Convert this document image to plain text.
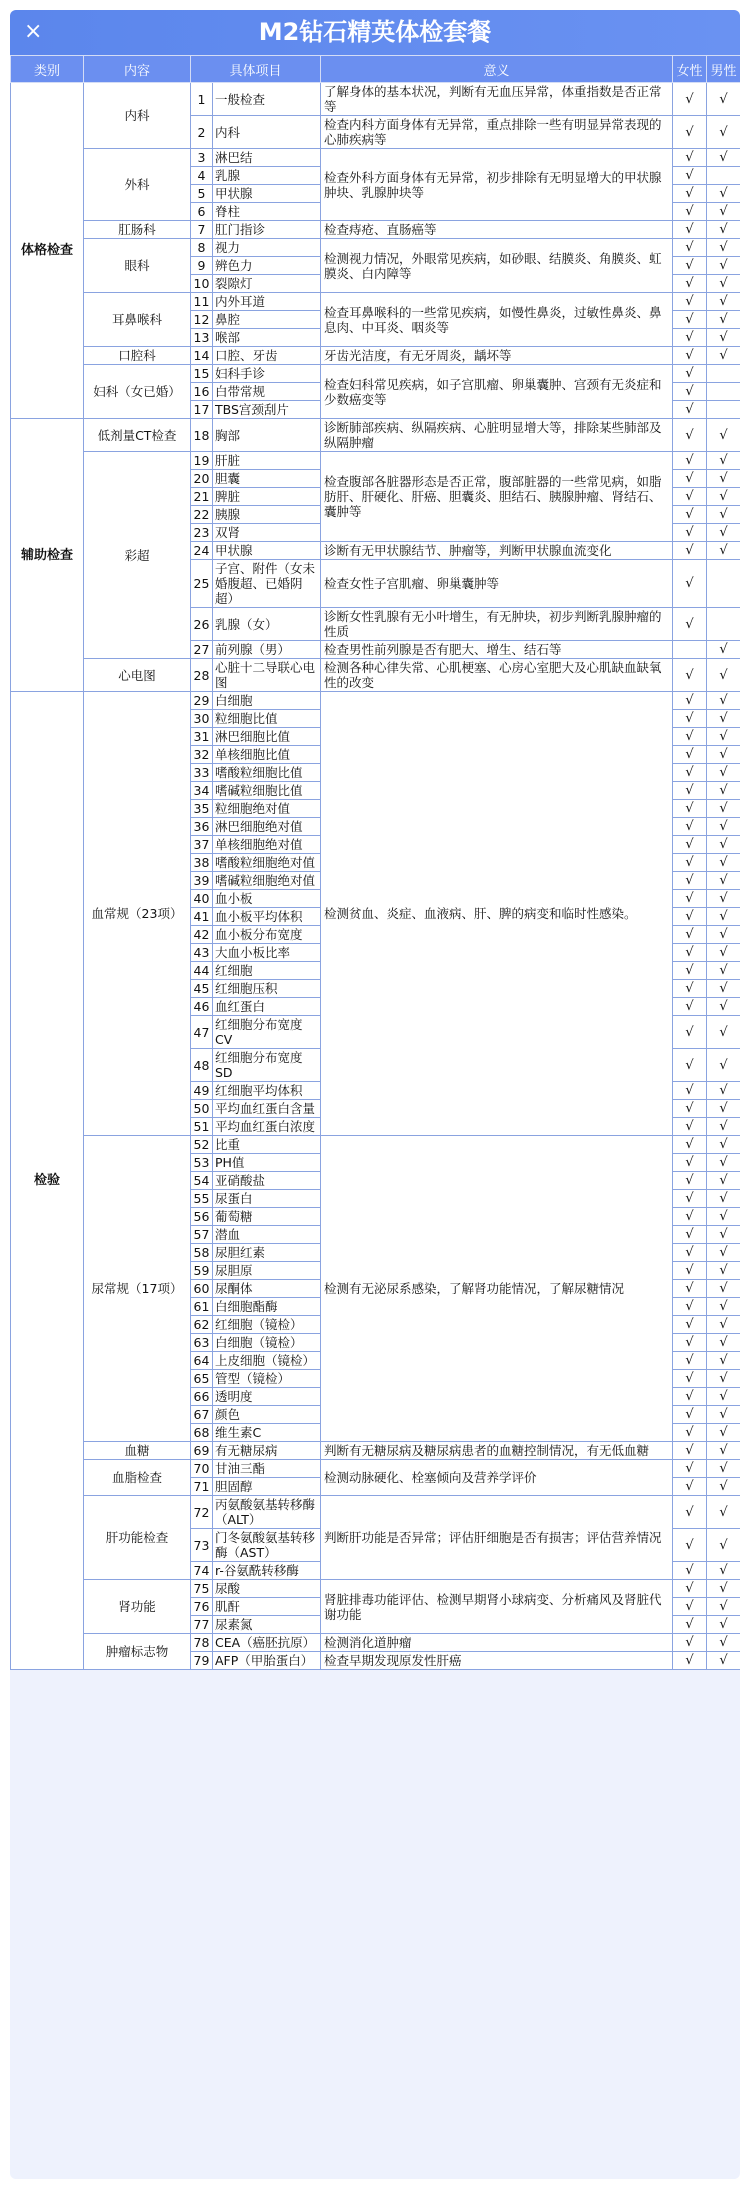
M2钻石精英体检套餐
×
类别	内容	具体项目		意义	女性	男性
体格检查	内科	1	一般检查	了解身体的基本状况，判断有无血压异常，体重指数是否正常等	√	√
		2	内科	检查内科方面身体有无异常，重点排除一些有明显异常表现的心肺疾病等	√	√
	外科	3	淋巴结	检查外科方面身体有无异常，初步排除有无明显增大的甲状腺肿块、乳腺肿块等	√	√
		4	乳腺		√	
		5	甲状腺		√	√
		6	脊柱		√	√
	肛肠科	7	肛门指诊	检查痔疮、直肠癌等	√	√
	眼科	8	视力	检测视力情况，外眼常见疾病，如砂眼、结膜炎、角膜炎、虹膜炎、白内障等	√	√
		9	辨色力		√	√
		10	裂隙灯		√	√
	耳鼻喉科	11	内外耳道	检查耳鼻喉科的一些常见疾病，如慢性鼻炎，过敏性鼻炎、鼻息肉、中耳炎、咽炎等	√	√
		12	鼻腔		√	√
		13	喉部		√	√
	口腔科	14	口腔、牙齿	牙齿光洁度，有无牙周炎，龋坏等	√	√
	妇科（女已婚）	15	妇科手诊	检查妇科常见疾病，如子宫肌瘤、卵巢囊肿、宫颈有无炎症和少数癌变等	√	
		16	白带常规		√	
		17	TBS宫颈刮片		√	
辅助检查	低剂量CT检查	18	胸部	诊断肺部疾病、纵隔疾病、心脏明显增大等，排除某些肺部及纵隔肿瘤	√	√
	彩超	19	肝脏	检查腹部各脏器形态是否正常，腹部脏器的一些常见病，如脂肪肝、肝硬化、肝癌、胆囊炎、胆结石、胰腺肿瘤、肾结石、囊肿等	√	√
		20	胆囊		√	√
		21	脾脏		√	√
		22	胰腺		√	√
		23	双肾		√	√
		24	甲状腺	诊断有无甲状腺结节、肿瘤等，判断甲状腺血流变化	√	√
		25	子宫、附件（女未婚腹超、已婚阴超）	检查女性子宫肌瘤、卵巢囊肿等	√	
		26	乳腺（女）	诊断女性乳腺有无小叶增生，有无肿块，初步判断乳腺肿瘤的性质	√	
		27	前列腺（男）	检查男性前列腺是否有肥大、增生、结石等		√
	心电图	28	心脏十二导联心电图	检测各种心律失常、心肌梗塞、心房心室肥大及心肌缺血缺氧性的改变	√	√
检验	血常规（23项）	29	白细胞	检测贫血、炎症、血液病、肝、脾的病变和临时性感染。	√	√
		30	粒细胞比值		√	√
		31	淋巴细胞比值		√	√
		32	单核细胞比值		√	√
		33	嗜酸粒细胞比值		√	√
		34	嗜碱粒细胞比值		√	√
		35	粒细胞绝对值		√	√
		36	淋巴细胞绝对值		√	√
		37	单核细胞绝对值		√	√
		38	嗜酸粒细胞绝对值		√	√
		39	嗜碱粒细胞绝对值		√	√
		40	血小板		√	√
		41	血小板平均体积		√	√
		42	血小板分布宽度		√	√
		43	大血小板比率		√	√
		44	红细胞		√	√
		45	红细胞压积		√	√
		46	血红蛋白		√	√
		47	红细胞分布宽度CV		√	√
		48	红细胞分布宽度SD		√	√
		49	红细胞平均体积		√	√
		50	平均血红蛋白含量		√	√
		51	平均血红蛋白浓度		√	√
	尿常规（17项）	52	比重	检测有无泌尿系感染，了解肾功能情况，了解尿糖情况	√	√
		53	PH值		√	√
		54	亚硝酸盐		√	√
		55	尿蛋白		√	√
		56	葡萄糖		√	√
		57	潜血		√	√
		58	尿胆红素		√	√
		59	尿胆原		√	√
		60	尿酮体		√	√
		61	白细胞酯酶		√	√
		62	红细胞（镜检）		√	√
		63	白细胞（镜检）		√	√
		64	上皮细胞（镜检）		√	√
		65	管型（镜检）		√	√
		66	透明度		√	√
		67	颜色		√	√
		68	维生素C		√	√
	血糖	69	有无糖尿病	判断有无糖尿病及糖尿病患者的血糖控制情况，有无低血糖	√	√
	血脂检查	70	甘油三酯	检测动脉硬化、栓塞倾向及营养学评价	√	√
		71	胆固醇		√	√
	肝功能检查	72	丙氨酸氨基转移酶（ALT）	判断肝功能是否异常；评估肝细胞是否有损害；评估营养情况	√	√
		73	门冬氨酸氨基转移酶（AST）		√	√
		74	r-谷氨酰转移酶		√	√
	肾功能	75	尿酸	肾脏排毒功能评估、检测早期肾小球病变、分析痛风及肾脏代谢功能	√	√
		76	肌酐		√	√
		77	尿素氮		√	√
	肿瘤标志物	78	CEA（癌胚抗原）	检测消化道肿瘤	√	√
		79	AFP（甲胎蛋白）	检查早期发现原发性肝癌	√	√
